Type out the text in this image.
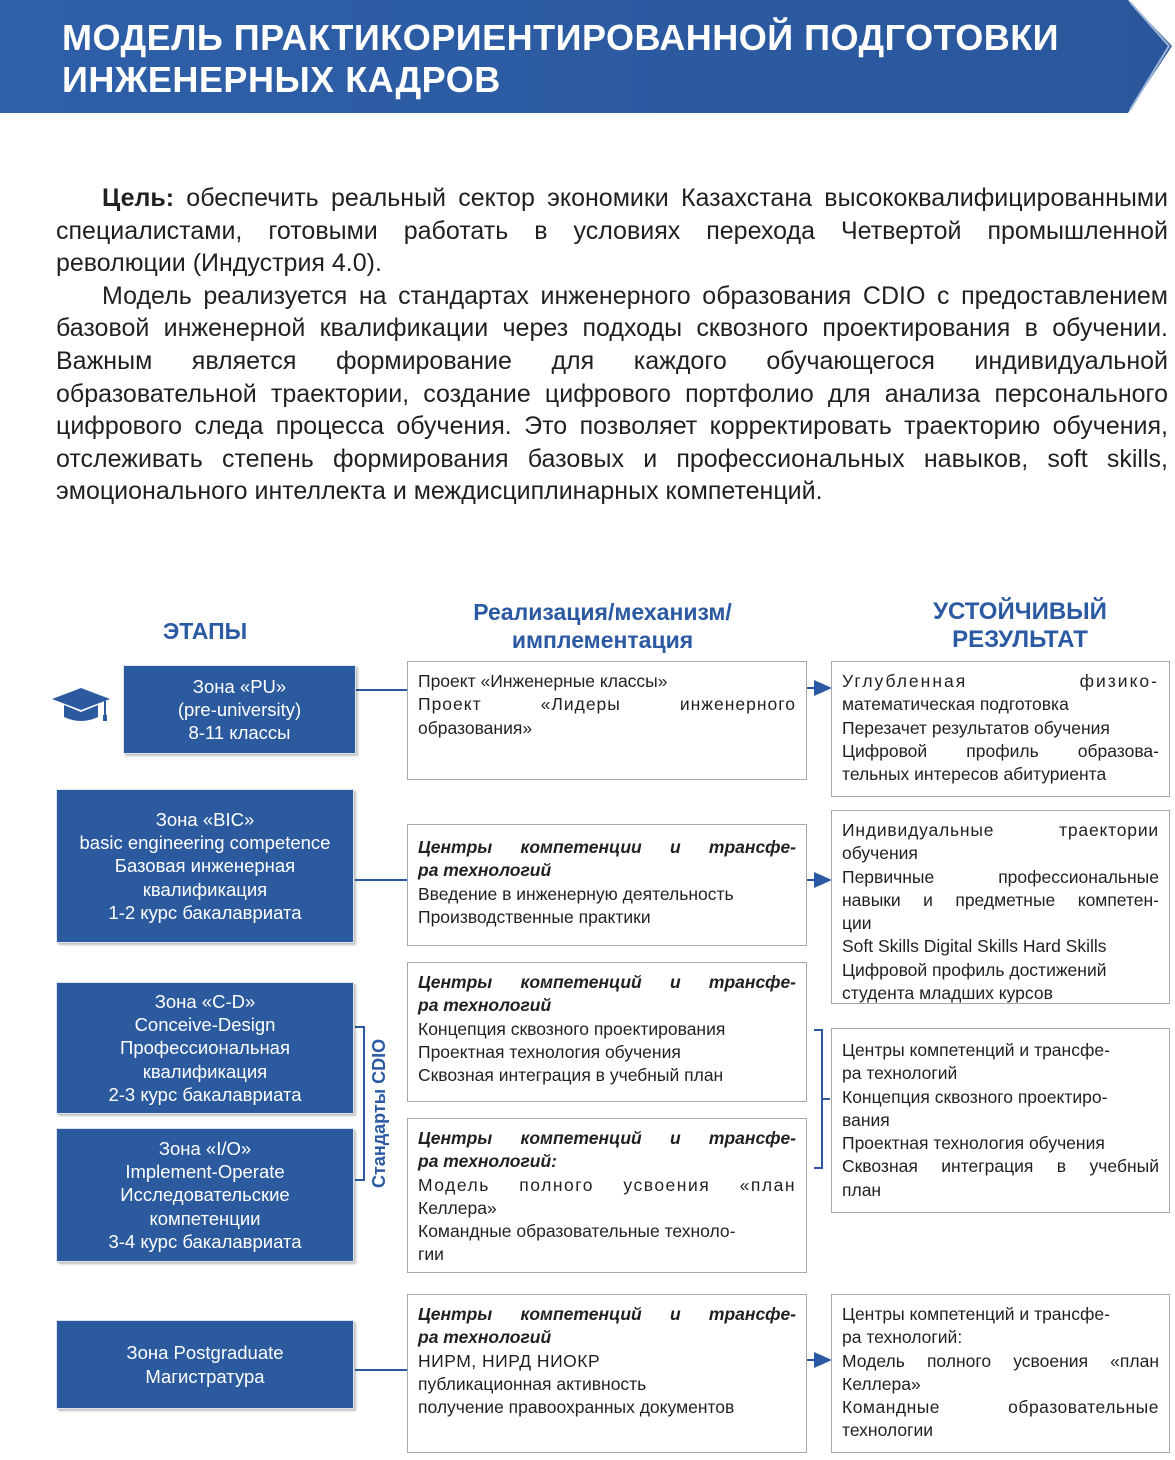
МОДЕЛЬ ПРАКТИКОРИЕНТИРОВАННОЙ ПОДГОТОВКИ ИНЖЕНЕРНЫХ КАДРОВ

Цель: обеспечить реальный сектор экономики Казахстана высококвалифицированными специалистами, готовыми работать в условиях перехода Четвертой промышленной революции (Индустрия 4.0).

Модель реализуется на стандартах инженерного образования CDIO с предоставлением базовой инженерной квалификации через подходы сквозного проектирования в обучении. Важным является формирование для каждого обучающегося индивидуальной образовательной траектории, создание цифрового портфолио для анализа персонального цифрового следа процесса обучения. Это позволяет корректировать траекторию обучения, отслеживать степень формирования базовых и профессиональных навыков, soft skills, эмоционального интеллекта и междисциплинарных компетенций.

ЭТАПЫ
Реализация/механизм/
имплементация
УСТОЙЧИВЫЙ
РЕЗУЛЬТАТ
Стандарты CDIO
Зона «PU»
(pre-university)
8-11 классы
Зона «BIC»
basic engineering competence
Базовая инженерная
квалификация
1-2 курс бакалавриата
Зона «C-D»
Conceive-Design
Профессиональная
квалификация
2-3 курс бакалавриата
Зона «I/O»
Implement-Operate
Исследовательские
компетенции
3-4 курс бакалавриата
Зона Postgraduate
Магистратура
Проект «Инженерные классы»
Проект «Лидеры инженерного
образования»
Центры компетенции и трансфе-
ра технологий
Введение в инженерную деятельность
Производственные практики
Центры компетенций и трансфе-
ра технологий
Концепция сквозного проектирования
Проектная технология обучения
Сквозная интеграция в учебный план
Центры компетенций и трансфе-
ра технологий:
Модель полного усвоения «план
Келлера»
Командные образовательные техноло-
гии
Центры компетенций и трансфе-
ра технологий
НИРМ, НИРД НИОКР
публикационная активность
получение правоохранных документов
Углубленная физико-
математическая подготовка
Перезачет результатов обучения
Цифровой профиль образова-
тельных интересов абитуриента
Индивидуальные траектории
обучения
Первичные профессиональные
навыки и предметные компетен-
ции
Soft Skills Digital Skills Hard Skills
Цифровой профиль достижений
студента младших курсов
Центры компетенций и трансфе-
ра технологий
Концепция сквозного проектиро-
вания
Проектная технология обучения
Сквозная интеграция в учебный
план
Центры компетенций и трансфе-
ра технологий:
Модель полного усвоения «план
Келлера»
Командные образовательные
технологии
